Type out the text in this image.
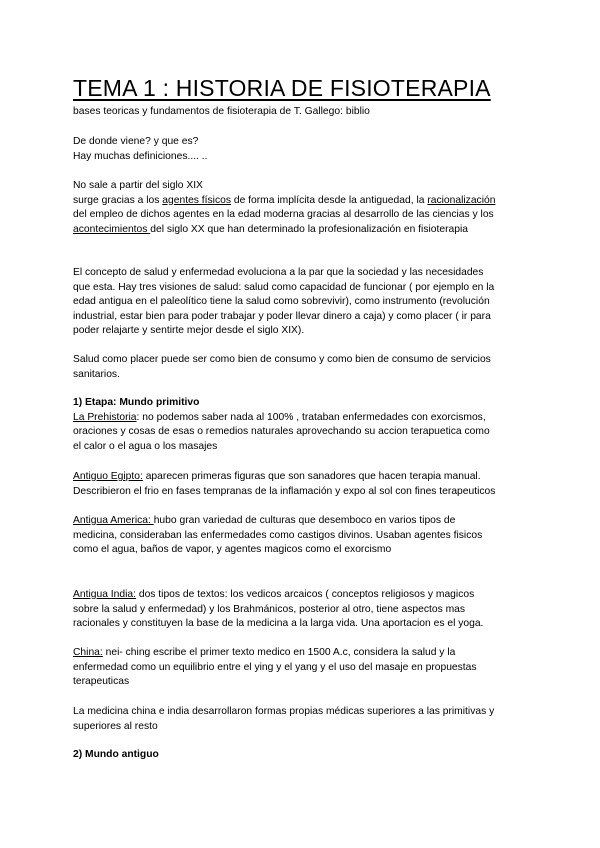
TEMA 1 : HISTORIA DE FISIOTERAPIA
bases teoricas y fundamentos de fisioterapia de T. Gallego: biblio
De donde viene? y que es?
Hay muchas definiciones.... ..
No sale a partir del siglo XIX
surge gracias a los agentes físicos de forma implícita desde la antiguedad, la racionalización
del empleo de dichos agentes en la edad moderna gracias al desarrollo de las ciencias y los
acontecimientos del siglo XX que han determinado la profesionalización en fisioterapia
El concepto de salud y enfermedad evoluciona a la par que la sociedad y las necesidades
que esta. Hay tres visiones de salud: salud como capacidad de funcionar ( por ejemplo en la
edad antigua en el paleolítico tiene la salud como sobrevivir), como instrumento (revolución
industrial, estar bien para poder trabajar y poder llevar dinero a caja) y como placer ( ir para
poder relajarte y sentirte mejor desde el siglo XIX).
Salud como placer puede ser como bien de consumo y como bien de consumo de servicios
sanitarios.
1) Etapa: Mundo primitivo
La Prehistoria: no podemos saber nada al 100% , trataban enfermedades con exorcismos,
oraciones y cosas de esas o remedios naturales aprovechando su accion terapuetica como
el calor o el agua o los masajes
Antiguo Egipto: aparecen primeras figuras que son sanadores que hacen terapia manual.
Describieron el frio en fases tempranas de la inflamación y expo al sol con fines terapeuticos
Antigua America: hubo gran variedad de culturas que desemboco en varios tipos de
medicina, consideraban las enfermedades como castigos divinos. Usaban agentes fisicos
como el agua, baños de vapor, y agentes magicos como el exorcismo
Antigua India: dos tipos de textos: los vedicos arcaicos ( conceptos religiosos y magicos
sobre la salud y enfermedad) y los Brahmánicos, posterior al otro, tiene aspectos mas
racionales y constituyen la base de la medicina a la larga vida. Una aportacion es el yoga.
China: nei- ching escribe el primer texto medico en 1500 A.c, considera la salud y la
enfermedad como un equilibrio entre el ying y el yang y el uso del masaje en propuestas
terapeuticas
La medicina china e india desarrollaron formas propias médicas superiores a las primitivas y
superiores al resto
2) Mundo antiguo
